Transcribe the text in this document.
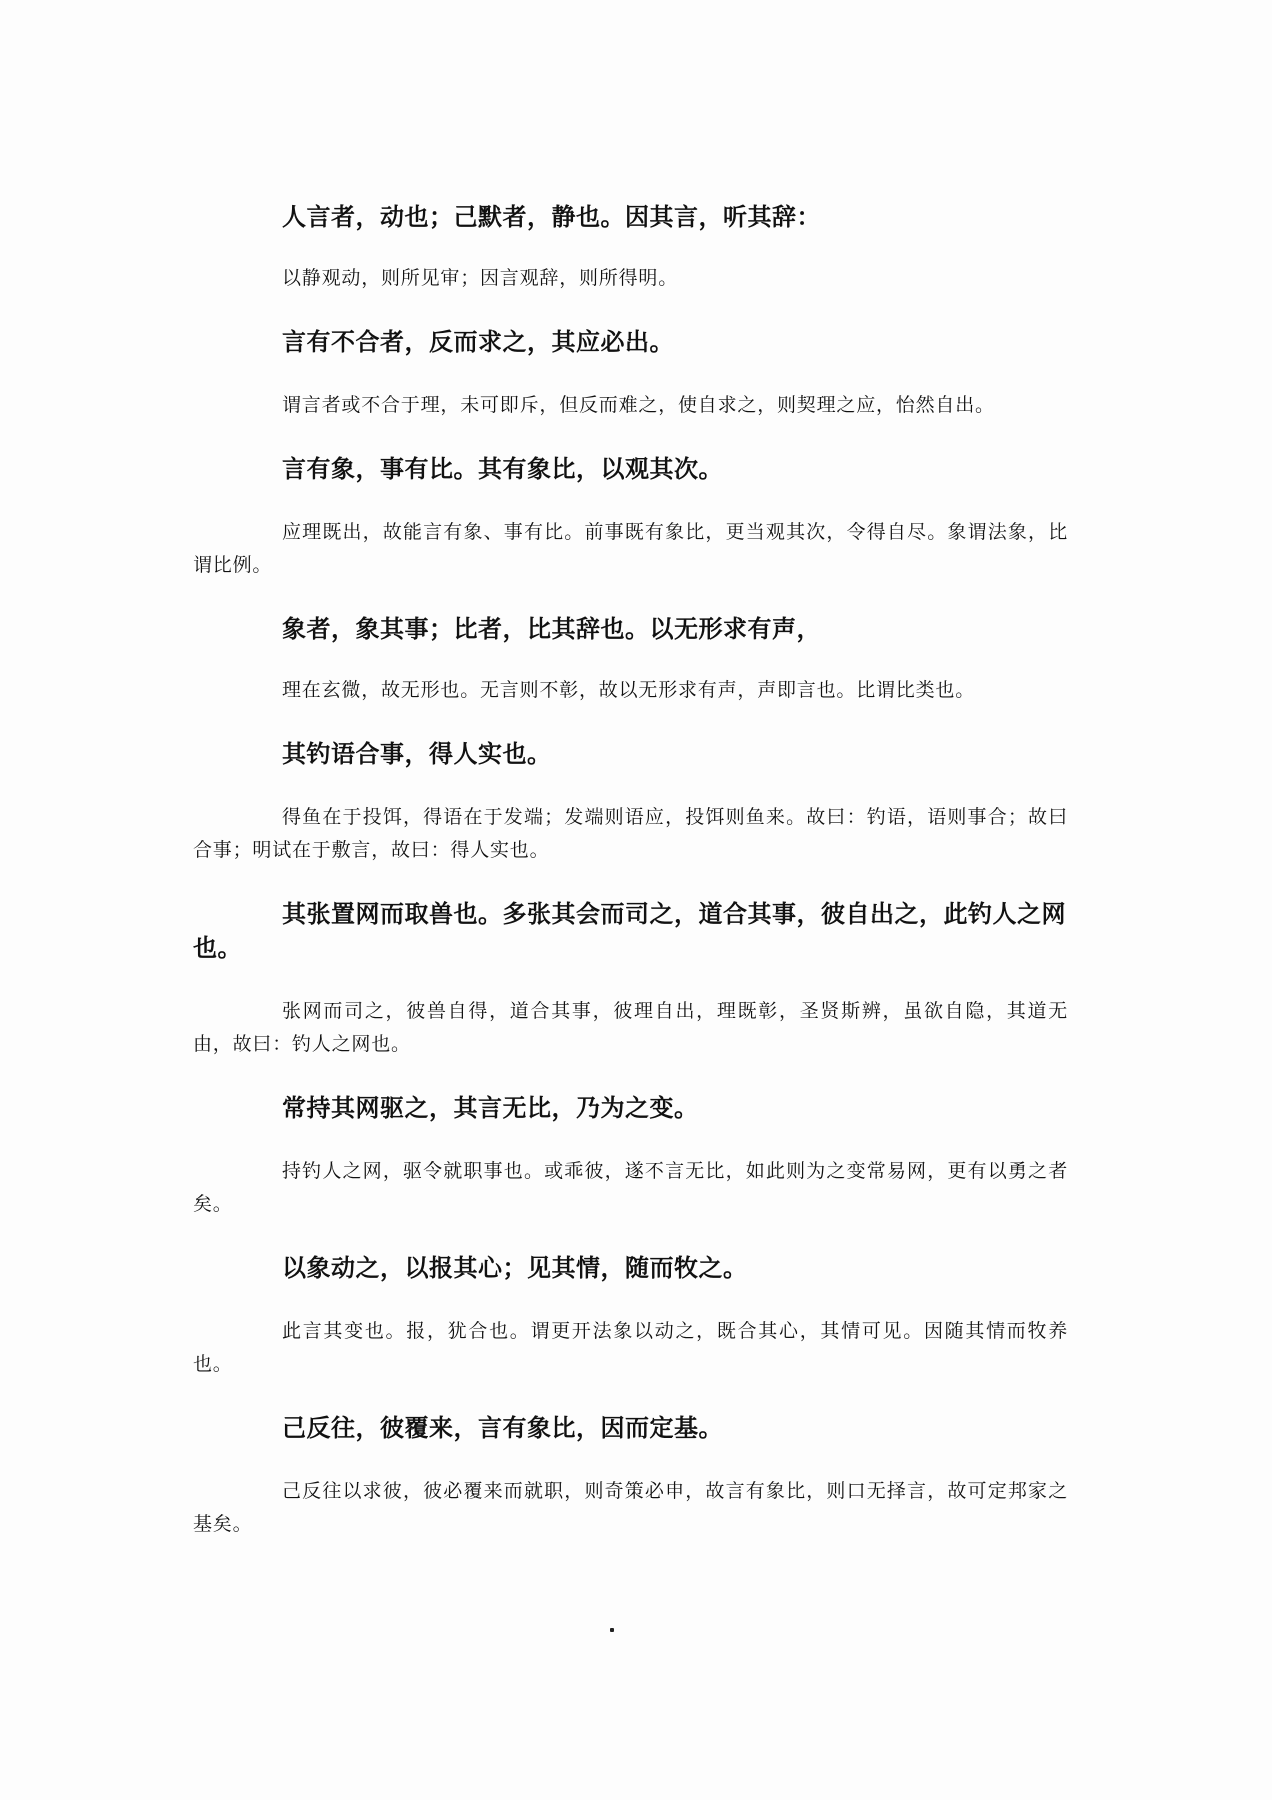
人言者，动也；己默者，静也。因其言，听其辞：

以静观动，则所见审；因言观辞，则所得明。

言有不合者，反而求之，其应必出。

谓言者或不合于理，未可即斥，但反而难之，使自求之，则契理之应，怡然自出。

言有象，事有比。其有象比，以观其次。

应理既出，故能言有象、事有比。前事既有象比，更当观其次，令得自尽。象谓法象，比谓比例。

象者，象其事；比者，比其辞也。以无形求有声，

理在玄微，故无形也。无言则不彰，故以无形求有声，声即言也。比谓比类也。

其钓语合事，得人实也。

得鱼在于投饵，得语在于发端；发端则语应，投饵则鱼来。故曰：钓语，语则事合；故曰合事；明试在于敷言，故曰：得人实也。

其张置网而取兽也。多张其会而司之，道合其事，彼自出之，此钓人之网也。

张网而司之，彼兽自得，道合其事，彼理自出，理既彰，圣贤斯辨，虽欲自隐，其道无由，故曰：钓人之网也。

常持其网驱之，其言无比，乃为之变。

持钓人之网，驱令就职事也。或乖彼，遂不言无比，如此则为之变常易网，更有以勇之者矣。

以象动之，以报其心；见其情，随而牧之。

此言其变也。报，犹合也。谓更开法象以动之，既合其心，其情可见。因随其情而牧养也。

己反往，彼覆来，言有象比，因而定基。

己反往以求彼，彼必覆来而就职，则奇策必申，故言有象比，则口无择言，故可定邦家之基矣。
